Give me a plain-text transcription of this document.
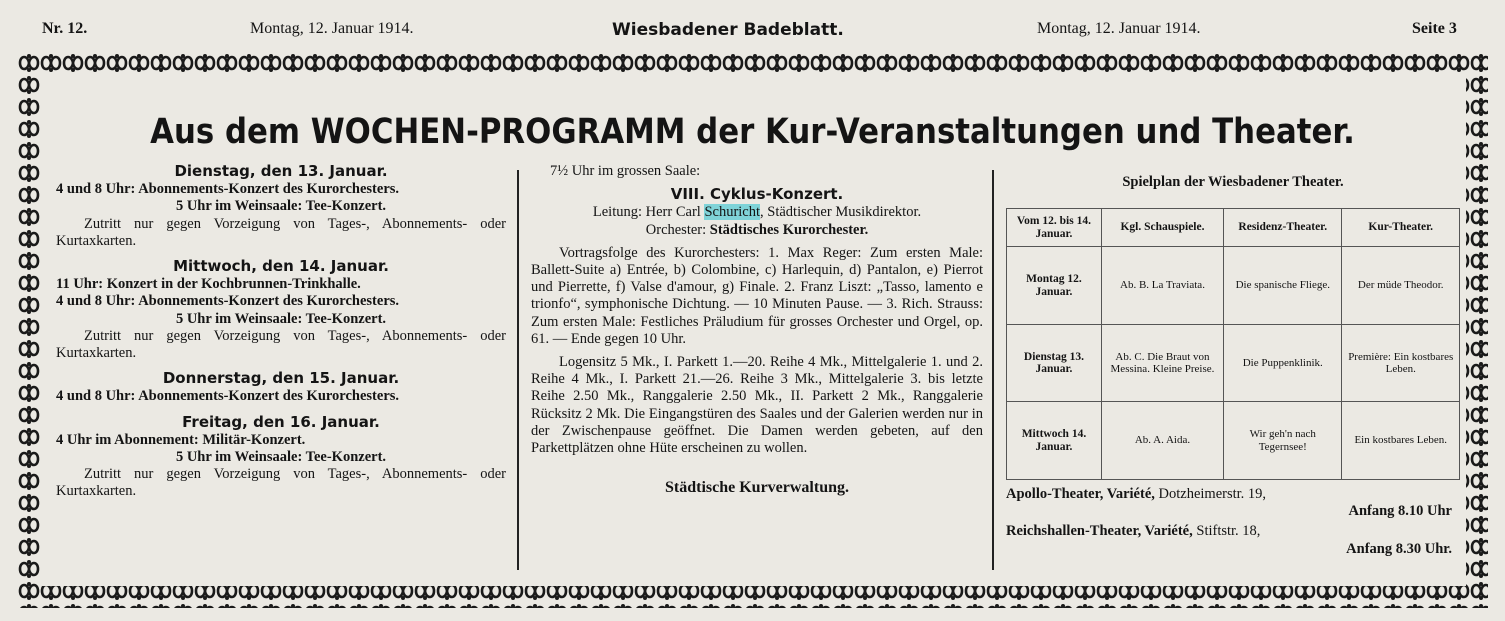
Nr. 12.	Montag, 12. Januar 1914.	Wiesbadener Badeblatt.	Montag, 12. Januar 1914.	Seite 3
Aus dem WOCHEN-PROGRAMM der Kur-Veranstaltungen und Theater.
Dienstag, den 13. Januar.

4 und 8 Uhr: Abonnements-Konzert des Kurorchesters.

5 Uhr im Weinsaale: Tee-Konzert.

Zutritt nur gegen Vorzeigung von Tages-, Abonnements- oder Kurtaxkarten.

Mittwoch, den 14. Januar.

11 Uhr: Konzert in der Kochbrunnen-Trinkhalle.

4 und 8 Uhr: Abonnements-Konzert des Kurorchesters.

5 Uhr im Weinsaale: Tee-Konzert.

Zutritt nur gegen Vorzeigung von Tages-, Abonnements- oder Kurtaxkarten.

Donnerstag, den 15. Januar.

4 und 8 Uhr: Abonnements-Konzert des Kurorchesters.

Freitag, den 16. Januar.

4 Uhr im Abonnement: Militär-Konzert.

5 Uhr im Weinsaale: Tee-Konzert.

Zutritt nur gegen Vorzeigung von Tages-, Abonnements- oder Kurtaxkarten.

7½ Uhr im grossen Saale:

VIII. Cyklus-Konzert.

Leitung: Herr Carl Schuricht, Städtischer Musikdirektor.

Orchester: Städtisches Kurorchester.

Vortragsfolge des Kurorchesters: 1. Max Reger: Zum ersten Male: Ballett-Suite a) Entrée, b) Colombine, c) Harlequin, d) Pantalon, e) Pierrot und Pierrette, f) Valse d'amour, g) Finale. 2. Franz Liszt: „Tasso, lamento e trionfo“, symphonische Dichtung. — 10 Minuten Pause. — 3. Rich. Strauss: Zum ersten Male: Festliches Präludium für grosses Orchester und Orgel, op. 61. — Ende gegen 10 Uhr.

Logensitz 5 Mk., I. Parkett 1.—20. Reihe 4 Mk., Mittelgalerie 1. und 2. Reihe 4 Mk., I. Parkett 21.—26. Reihe 3 Mk., Mittelgalerie 3. bis letzte Reihe 2.50 Mk., Ranggalerie 2.50 Mk., II. Parkett 2 Mk., Ranggalerie Rücksitz 2 Mk. Die Eingangstüren des Saales und der Galerien werden nur in der Zwischenpause geöffnet. Die Damen werden gebeten, auf den Parkettplätzen ohne Hüte erscheinen zu wollen.

Städtische Kurverwaltung.

Spielplan der Wiesbadener Theater.
Vom 12. bis 14. Januar.	Kgl. Schauspiele.	Residenz-Theater.	Kur-Theater.
Montag 12. Januar.	Ab. B. La Traviata.	Die spanische Fliege.	Der müde Theodor.
Dienstag 13. Januar.	Ab. C. Die Braut von Messina. Kleine Preise.	Die Puppenklinik.	Première: Ein kostbares Leben.
Mittwoch 14. Januar.	Ab. A. Aida.	Wir geh'n nach Tegernsee!	Ein kostbares Leben.

Apollo-Theater, Variété, Dotzheimerstr. 19,

Anfang 8.10 Uhr

Reichshallen-Theater, Variété, Stiftstr. 18,

Anfang 8.30 Uhr.
